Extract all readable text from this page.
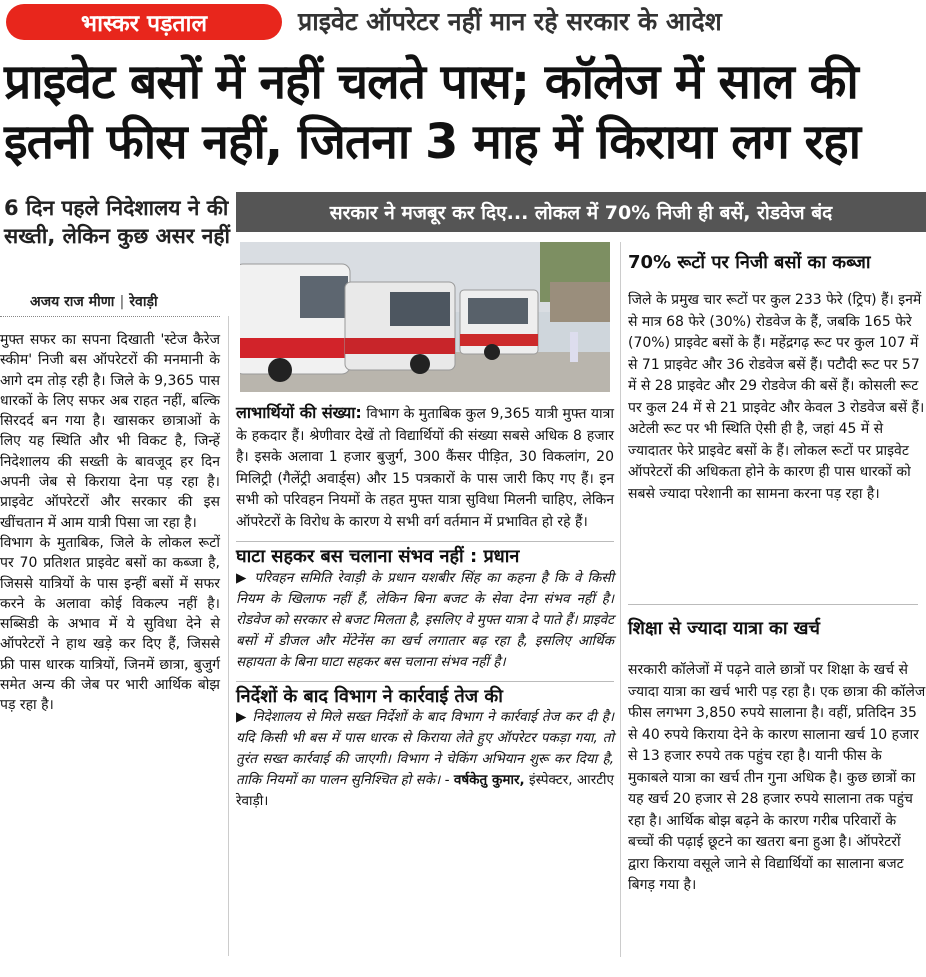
भास्कर पड़ताल	प्राइवेट ऑपरेटर नहीं मान रहे सरकार के आदेश
प्राइवेट बसों में नहीं चलते पास; कॉलेज में साल की
इतनी फीस नहीं, जितना 3 माह में किराया लग रहा
6 दिन पहले निदेशालय ने की सख्ती, लेकिन कुछ असर नहीं
अजय राज मीणा | रेवाड़ी

मुफ्त सफर का सपना दिखाती 'स्टेज कैरेज स्कीम' निजी बस ऑपरेटरों की मनमानी के आगे दम तोड़ रही है। जिले के 9,365 पास धारकों के लिए सफर अब राहत नहीं, बल्कि सिरदर्द बन गया है। खासकर छात्राओं के लिए यह स्थिति और भी विकट है, जिन्हें निदेशालय की सख्ती के बावजूद हर दिन अपनी जेब से किराया देना पड़ रहा है। प्राइवेट ऑपरेटरों और सरकार की इस खींचतान में आम यात्री पिसा जा रहा है।

विभाग के मुताबिक, जिले के लोकल रूटों पर 70 प्रतिशत प्राइवेट बसों का कब्जा है, जिससे यात्रियों के पास इन्हीं बसों में सफर करने के अलावा कोई विकल्प नहीं है। सब्सिडी के अभाव में ये सुविधा देने से ऑपरेटरों ने हाथ खड़े कर दिए हैं, जिससे फ्री पास धारक यात्रियों, जिनमें छात्रा, बुजुर्ग समेत अन्य की जेब पर भारी आर्थिक बोझ पड़ रहा है।

सरकार ने मजबूर कर दिए... लोकल में 70% निजी ही बसें, रोडवेज बंद
लाभार्थियों की संख्या: विभाग के मुताबिक कुल 9,365 यात्री मुफ्त यात्रा के हकदार हैं। श्रेणीवार देखें तो विद्यार्थियों की संख्या सबसे अधिक 8 हजार है। इसके अलावा 1 हजार बुजुर्ग, 300 कैंसर पीड़ित, 30 विकलांग, 20 मिलिट्री (गैलेंट्री अवार्ड्स) और 15 पत्रकारों के पास जारी किए गए हैं। इन सभी को परिवहन नियमों के तहत मुफ्त यात्रा सुविधा मिलनी चाहिए, लेकिन ऑपरेटरों के विरोध के कारण ये सभी वर्ग वर्तमान में प्रभावित हो रहे हैं।
घाटा सहकर बस चलाना संभव नहीं : प्रधान
▶ परिवहन समिति रेवाड़ी के प्रधान यशबीर सिंह का कहना है कि वे किसी नियम के खिलाफ नहीं हैं, लेकिन बिना बजट के सेवा देना संभव नहीं है। रोडवेज को सरकार से बजट मिलता है, इसलिए वे मुफ्त यात्रा दे पाते हैं। प्राइवेट बसों में डीजल और मेंटेनेंस का खर्च लगातार बढ़ रहा है, इसलिए आर्थिक सहायता के बिना घाटा सहकर बस चलाना संभव नहीं है।
निर्देशों के बाद विभाग ने कार्रवाई तेज की
▶ निदेशालय से मिले सख्त निर्देशों के बाद विभाग ने कार्रवाई तेज कर दी है। यदि किसी भी बस में पास धारक से किराया लेते हुए ऑपरेटर पकड़ा गया, तो तुरंत सख्त कार्रवाई की जाएगी। विभाग ने चेकिंग अभियान शुरू कर दिया है, ताकि नियमों का पालन सुनिश्चित हो सके। - वर्षकेतु कुमार, इंस्पेक्टर, आरटीए रेवाड़ी।
70% रूटों पर निजी बसों का कब्जा
जिले के प्रमुख चार रूटों पर कुल 233 फेरे (ट्रिप) हैं। इनमें से मात्र 68 फेरे (30%) रोडवेज के हैं, जबकि 165 फेरे (70%) प्राइवेट बसों के हैं। महेंद्रगढ़ रूट पर कुल 107 में से 71 प्राइवेट और 36 रोडवेज बसें हैं। पटौदी रूट पर 57 में से 28 प्राइवेट और 29 रोडवेज की बसें हैं। कोसली रूट पर कुल 24 में से 21 प्राइवेट और केवल 3 रोडवेज बसें हैं। अटेली रूट पर भी स्थिति ऐसी ही है, जहां 45 में से ज्यादातर फेरे प्राइवेट बसों के हैं। लोकल रूटों पर प्राइवेट ऑपरेटरों की अधिकता होने के कारण ही पास धारकों को सबसे ज्यादा परेशानी का सामना करना पड़ रहा है।
शिक्षा से ज्यादा यात्रा का खर्च
सरकारी कॉलेजों में पढ़ने वाले छात्रों पर शिक्षा के खर्च से ज्यादा यात्रा का खर्च भारी पड़ रहा है। एक छात्रा की कॉलेज फीस लगभग 3,850 रुपये सालाना है। वहीं, प्रतिदिन 35 से 40 रुपये किराया देने के कारण सालाना खर्च 10 हजार से 13 हजार रुपये तक पहुंच रहा है। यानी फीस के मुकाबले यात्रा का खर्च तीन गुना अधिक है। कुछ छात्रों का यह खर्च 20 हजार से 28 हजार रुपये सालाना तक पहुंच रहा है। आर्थिक बोझ बढ़ने के कारण गरीब परिवारों के बच्चों की पढ़ाई छूटने का खतरा बना हुआ है। ऑपरेटरों द्वारा किराया वसूले जाने से विद्यार्थियों का सालाना बजट बिगड़ गया है।
